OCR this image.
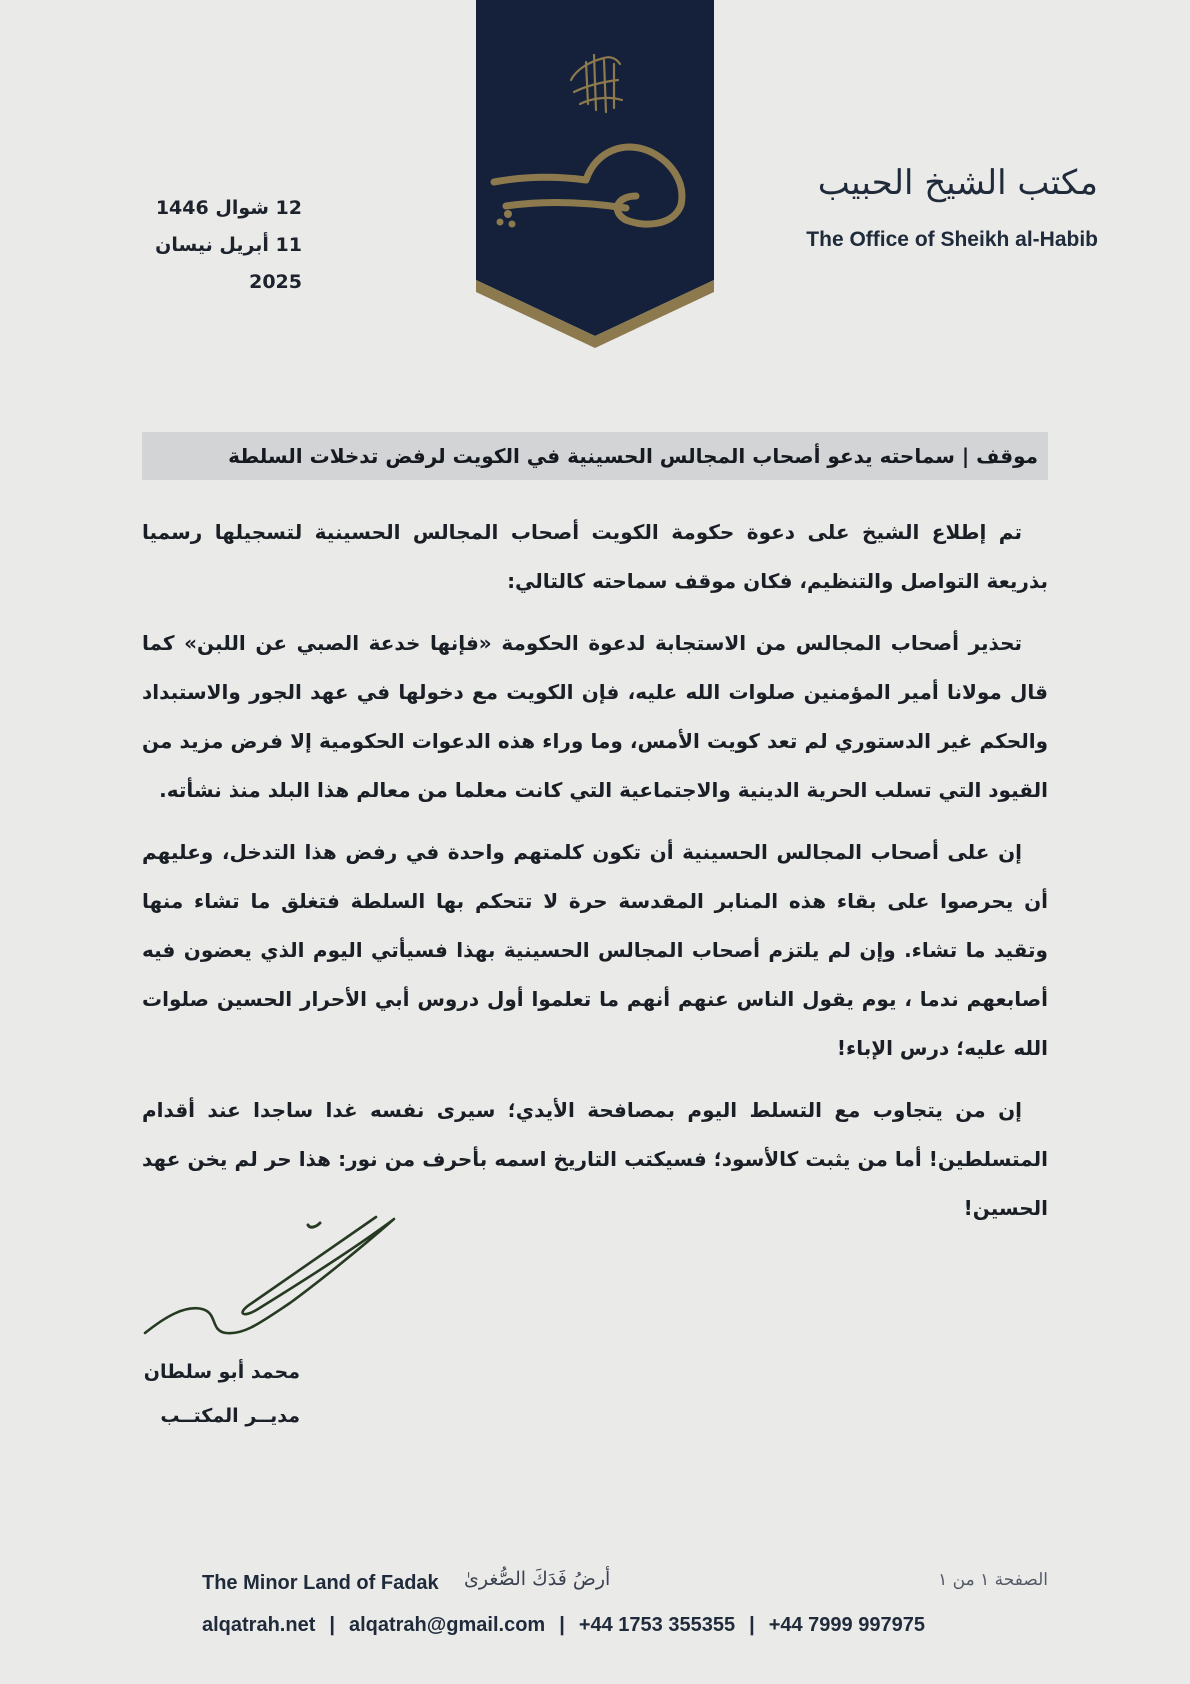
12 شوال 1446
11 أبريل نيسان 2025
مكتب الشيخ الحبيب
The Office of Sheikh al-Habib
موقف | سماحته يدعو أصحاب المجالس الحسينية في الكويت لرفض تدخلات السلطة

تم إطلاع الشيخ على دعوة حكومة الكويت أصحاب المجالس الحسينية لتسجيلها رسميا بذريعة التواصل والتنظيم، فكان موقف سماحته كالتالي:

تحذير أصحاب المجالس من الاستجابة لدعوة الحكومة «فإنها خدعة الصبي عن اللبن» كما قال مولانا أمير المؤمنين صلوات الله عليه، فإن الكويت مع دخولها في عهد الجور والاستبداد والحكم غير الدستوري لم تعد كويت الأمس، وما وراء هذه الدعوات الحكومية إلا فرض مزيد من القيود التي تسلب الحرية الدينية والاجتماعية التي كانت معلما من معالم هذا البلد منذ نشأته.

إن على أصحاب المجالس الحسينية أن تكون كلمتهم واحدة في رفض هذا التدخل، وعليهم أن يحرصوا على بقاء هذه المنابر المقدسة حرة لا تتحكم بها السلطة فتغلق ما تشاء منها وتقيد ما تشاء. وإن لم يلتزم أصحاب المجالس الحسينية بهذا فسيأتي اليوم الذي يعضون فيه أصابعهم ندما ، يوم يقول الناس عنهم أنهم ما تعلموا أول دروس أبي الأحرار الحسين صلوات الله عليه؛ درس الإباء!

إن من يتجاوب مع التسلط اليوم بمصافحة الأيدي؛ سيرى نفسه غدا ساجدا عند أقدام المتسلطين! أما من يثبت كالأسود؛ فسيكتب التاريخ اسمه بأحرف من نور: هذا حر لم يخن عهد الحسين!

محمد أبو سلطان
مديــر المكتــب
The Minor Land of Fadak أرضُ فَدَكَ الصُّغرىٰ	الصفحة ١ من ١
alqatrah.net | alqatrah@gmail.com | +44 1753 355355 | +44 7999 997975
